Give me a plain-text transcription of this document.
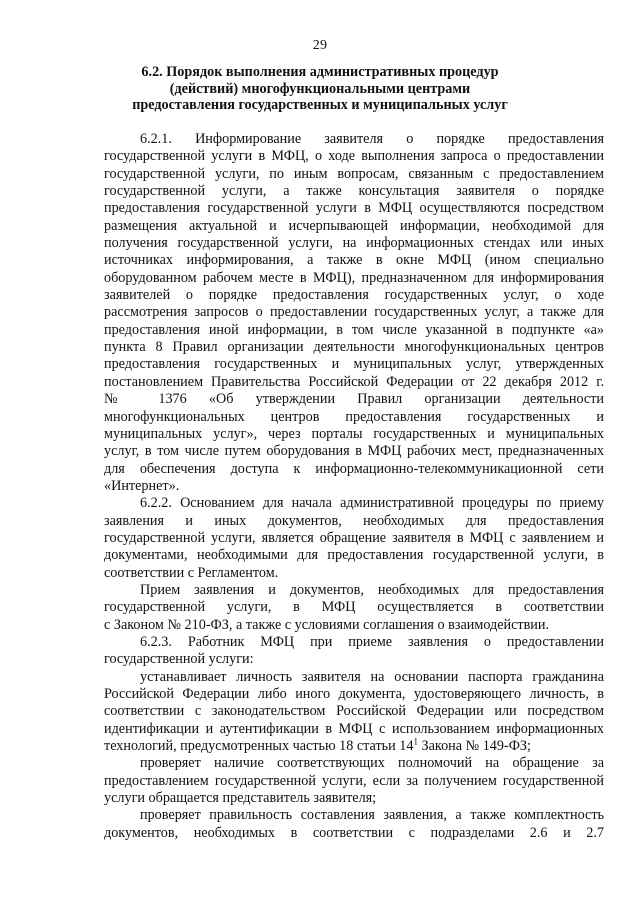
29
6.2. Порядок выполнения административных процедур
(действий) многофункциональными центрами
предоставления государственных и муниципальных услуг
6.2.1. Информирование заявителя о порядке предоставления
государственной услуги в МФЦ, о ходе выполнения запроса о предоставлении
государственной услуги, по иным вопросам, связанным с предоставлением
государственной услуги, а также консультация заявителя о порядке
предоставления государственной услуги в МФЦ осуществляются посредством
размещения актуальной и исчерпывающей информации, необходимой для
получения государственной услуги, на информационных стендах или иных
источниках информирования, а также в окне МФЦ (ином специально
оборудованном рабочем месте в МФЦ), предназначенном для информирования
заявителей о порядке предоставления государственных услуг, о ходе
рассмотрения запросов о предоставлении государственных услуг, а также для
предоставления иной информации, в том числе указанной в подпункте «а»
пункта 8 Правил организации деятельности многофункциональных центров
предоставления государственных и муниципальных услуг, утвержденных
постановлением Правительства Российской Федерации от 22 декабря 2012 г.
№ 1376 «Об утверждении Правил организации деятельности
многофункциональных центров предоставления государственных и
муниципальных услуг», через порталы государственных и муниципальных
услуг, в том числе путем оборудования в МФЦ рабочих мест, предназначенных
для обеспечения доступа к информационно-телекоммуникационной сети
«Интернет».
6.2.2. Основанием для начала административной процедуры по приему
заявления и иных документов, необходимых для предоставления
государственной услуги, является обращение заявителя в МФЦ с заявлением и
документами, необходимыми для предоставления государственной услуги, в
соответствии с Регламентом.
Прием заявления и документов, необходимых для предоставления
государственной услуги, в МФЦ осуществляется в соответствии
с Законом № 210-ФЗ, а также с условиями соглашения о взаимодействии.
6.2.3. Работник МФЦ при приеме заявления о предоставлении
государственной услуги:
устанавливает личность заявителя на основании паспорта гражданина
Российской Федерации либо иного документа, удостоверяющего личность, в
соответствии с законодательством Российской Федерации или посредством
идентификации и аутентификации в МФЦ с использованием информационных
технологий, предусмотренных частью 18 статьи 14$^1$ Закона № 149-ФЗ;
проверяет наличие соответствующих полномочий на обращение за
предоставлением государственной услуги, если за получением государственной
услуги обращается представитель заявителя;
проверяет правильность составления заявления, а также комплектность
документов, необходимых в соответствии с подразделами 2.6 и 2.7
